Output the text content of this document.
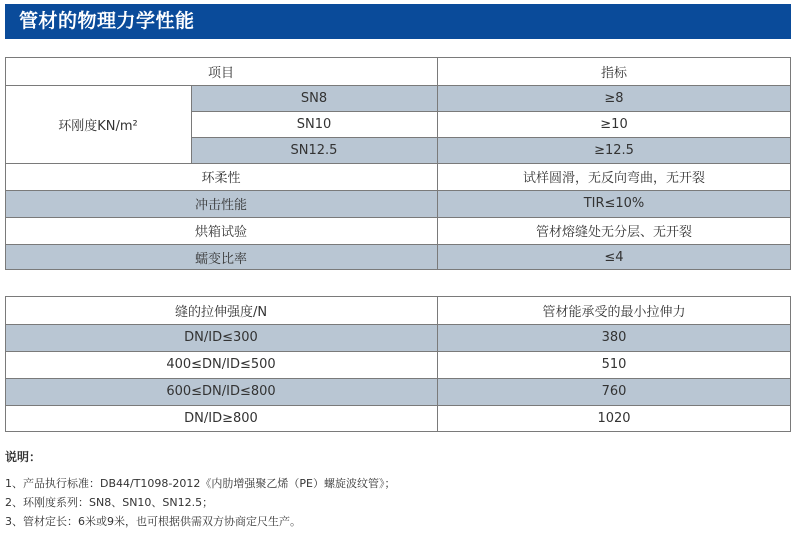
管材的物理力学性能
项目	指标
环刚度KN/m²
SN8	≥8
SN10	≥10
SN12.5	≥12.5
环柔性	试样圆滑，无反向弯曲，无开裂
冲击性能	TIR≤10%
烘箱试验	管材熔缝处无分层、无开裂
蠕变比率	≤4
缝的拉伸强度/N	管材能承受的最小拉伸力
DN/ID≤300	380
400≤DN/ID≤500	510
600≤DN/ID≤800	760
DN/ID≥800	1020
说明：
1、产品执行标准：DB44/T1098-2012《内肋增强聚乙烯（PE）螺旋波纹管》；
2、环刚度系列：SN8、SN10、SN12.5；
3、管材定长：6米或9米，也可根据供需双方协商定尺生产。
